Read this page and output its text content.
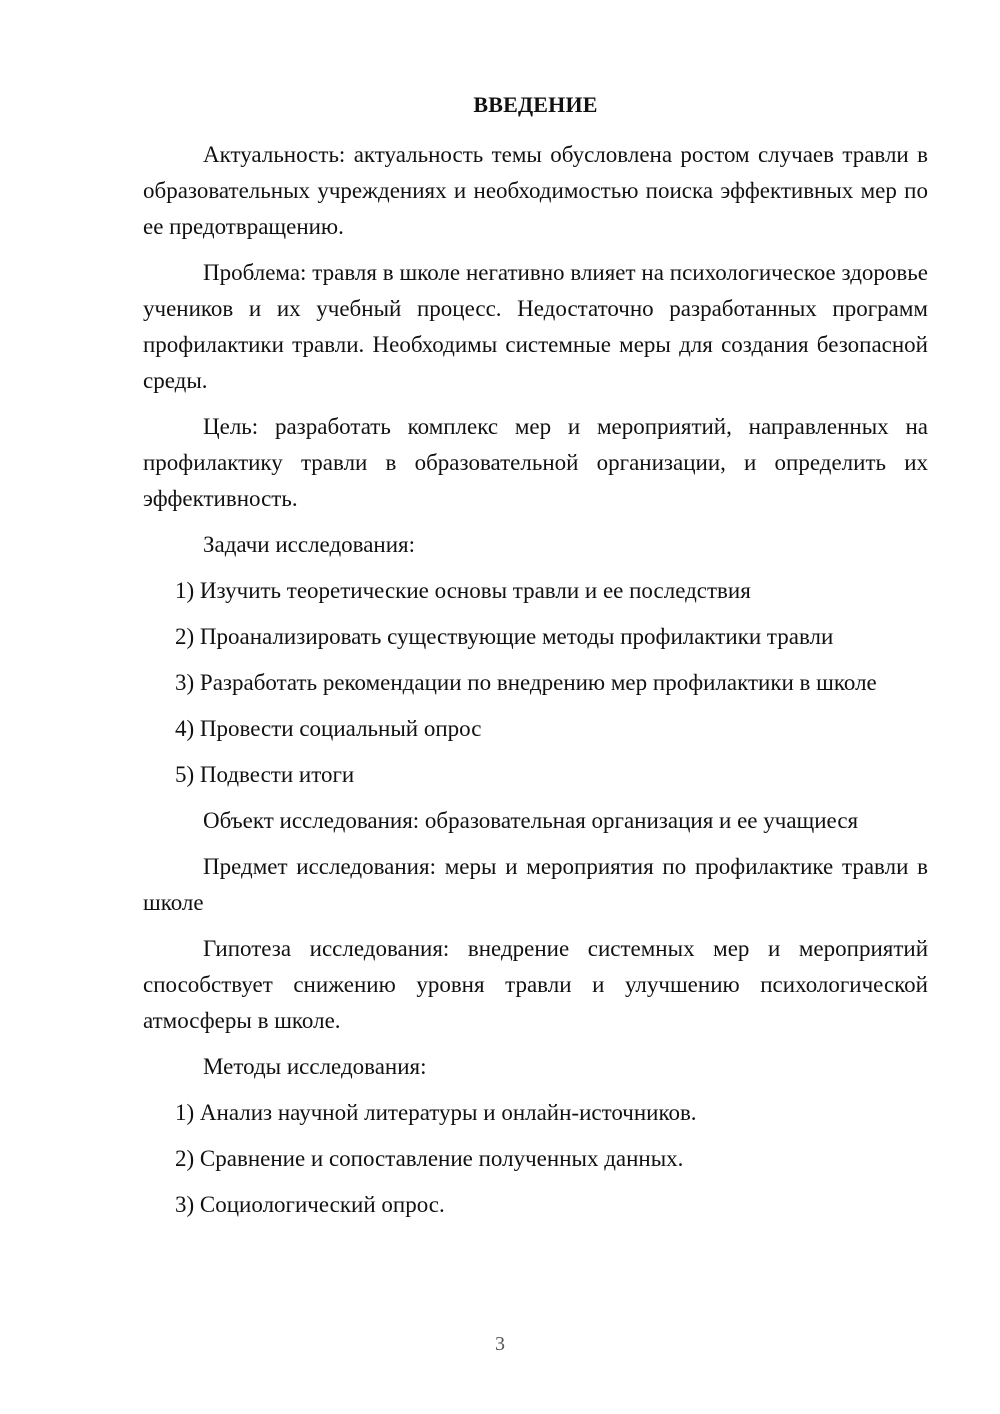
ВВЕДЕНИЕ

Актуальность: актуальность темы обусловлена ростом случаев травли в образовательных учреждениях и необходимостью поиска эффективных мер по ее предотвращению.

Проблема: травля в школе негативно влияет на психологическое здоровье учеников и их учебный процесс. Недостаточно разработанных программ профилактики травли. Необходимы системные меры для создания безопасной среды.

Цель: разработать комплекс мер и мероприятий, направленных на профилактику травли в образовательной организации, и определить их эффективность.

Задачи исследования:

1) Изучить теоретические основы травли и ее последствия

2) Проанализировать существующие методы профилактики травли

3) Разработать рекомендации по внедрению мер профилактики в школе

4) Провести социальный опрос

5) Подвести итоги

Объект исследования: образовательная организация и ее учащиеся

Предмет исследования: меры и мероприятия по профилактике травли в школе

Гипотеза исследования: внедрение системных мер и мероприятий способствует снижению уровня травли и улучшению психологической атмосферы в школе.

Методы исследования:

1) Анализ научной литературы и онлайн-источников.

2) Сравнение и сопоставление полученных данных.

3) Социологический опрос.

3
